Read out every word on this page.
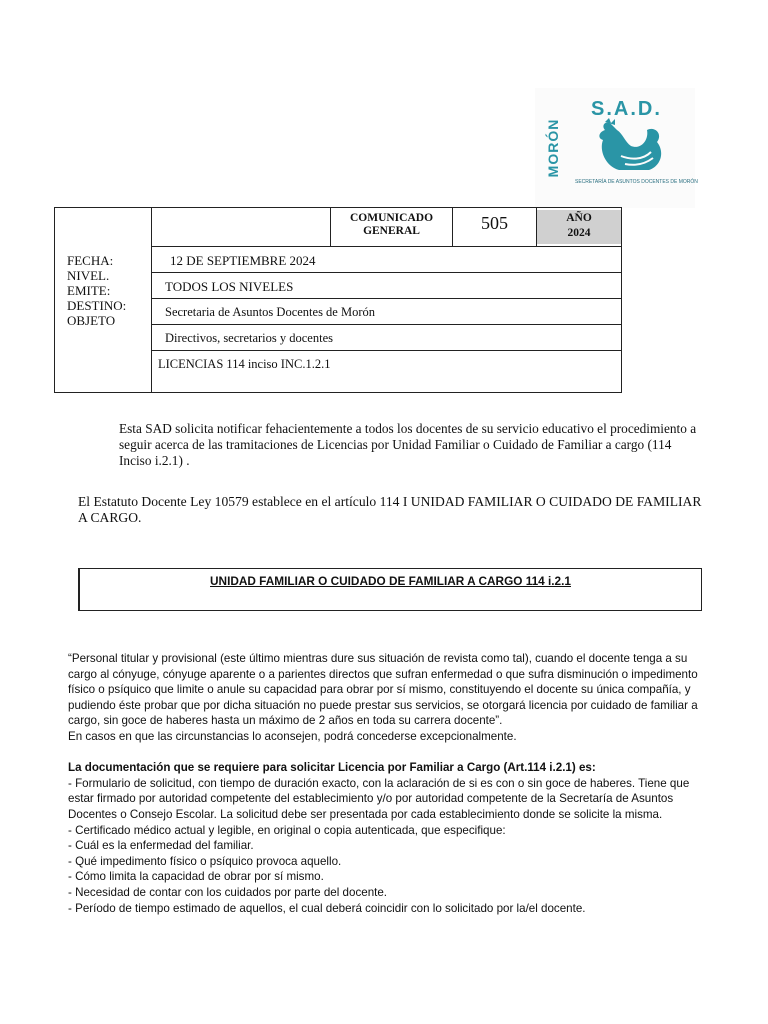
S.A.D.
MORÓN
SECRETARÍA DE ASUNTOS DOCENTES DE MORÓN
COMUNICADO GENERAL	505	AÑO
2024
FECHA:
NIVEL.
EMITE:
DESTINO:
OBJETO
12 DE SEPTIEMBRE 2024
TODOS LOS NIVELES
Secretaria de Asuntos Docentes de Morón
Directivos, secretarios y docentes
LICENCIAS 114 inciso INC.1.2.1
Esta SAD solicita notificar fehacientemente a todos los docentes de su servicio educativo el procedimiento a seguir acerca de las tramitaciones de Licencias por Unidad Familiar o Cuidado de Familiar a cargo (114 Inciso i.2.1) .
El Estatuto Docente Ley 10579 establece en el artículo 114 I UNIDAD FAMILIAR O CUIDADO DE FAMILIAR A CARGO.
UNIDAD FAMILIAR O CUIDADO DE FAMILIAR A CARGO 114 i.2.1

“Personal titular y provisional (este último mientras dure sus situación de revista como tal), cuando el docente tenga a su cargo al cónyuge, cónyuge aparente o a parientes directos que sufran enfermedad o que sufra disminución o impedimento físico o psíquico que limite o anule su capacidad para obrar por sí mismo, constituyendo el docente su única compañía, y pudiendo éste probar que por dicha situación no puede prestar sus servicios, se otorgará licencia por cuidado de familiar a cargo, sin goce de haberes hasta un máximo de 2 años en toda su carrera docente”.

En casos en que las circunstancias lo aconsejen, podrá concederse excepcionalmente.

La documentación que se requiere para solicitar Licencia por Familiar a Cargo (Art.114 i.2.1) es:

- Formulario de solicitud, con tiempo de duración exacto, con la aclaración de si es con o sin goce de haberes. Tiene que estar firmado por autoridad competente del establecimiento y/o por autoridad competente de la Secretaría de Asuntos Docentes o Consejo Escolar. La solicitud debe ser presentada por cada establecimiento donde se solicite la misma.

- Certificado médico actual y legible, en original o copia autenticada, que especifique:

- Cuál es la enfermedad del familiar.

- Qué impedimento físico o psíquico provoca aquello.

- Cómo limita la capacidad de obrar por sí mismo.

- Necesidad de contar con los cuidados por parte del docente.

- Período de tiempo estimado de aquellos, el cual deberá coincidir con lo solicitado por la/el docente.
